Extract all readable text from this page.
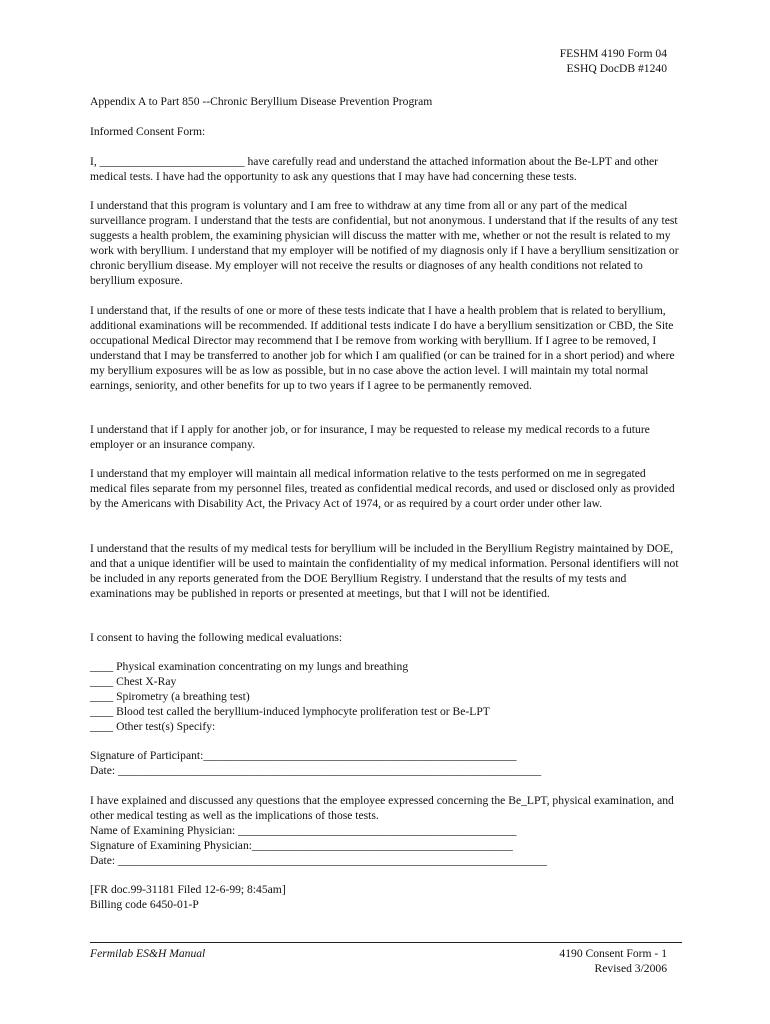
FESHM 4190 Form 04
ESHQ DocDB #1240

Appendix A to Part 850 --Chronic Beryllium Disease Prevention Program

Informed Consent Form:

I, _________________________ have carefully read and understand the attached information about the Be-LPT and other medical tests. I have had the opportunity to ask any questions that I may have had concerning these tests.

I understand that this program is voluntary and I am free to withdraw at any time from all or any part of the medical surveillance program. I understand that the tests are confidential, but not anonymous. I understand that if the results of any test suggests a health problem, the examining physician will discuss the matter with me, whether or not the result is related to my work with beryllium. I understand that my employer will be notified of my diagnosis only if I have a beryllium sensitization or chronic beryllium disease. My employer will not receive the results or diagnoses of any health conditions not related to beryllium exposure.

I understand that, if the results of one or more of these tests indicate that I have a health problem that is related to beryllium, additional examinations will be recommended. If additional tests indicate I do have a beryllium sensitization or CBD, the Site occupational Medical Director may recommend that I be remove from working with beryllium. If I agree to be removed, I understand that I may be transferred to another job for which I am qualified (or can be trained for in a short period) and where my beryllium exposures will be as low as possible, but in no case above the action level. I will maintain my total normal earnings, seniority, and other benefits for up to two years if I agree to be permanently removed.

I understand that if I apply for another job, or for insurance, I may be requested to release my medical records to a future employer or an insurance company.

I understand that my employer will maintain all medical information relative to the tests performed on me in segregated medical files separate from my personnel files, treated as confidential medical records, and used or disclosed only as provided by the Americans with Disability Act, the Privacy Act of 1974, or as required by a court order under other law.

I understand that the results of my medical tests for beryllium will be included in the Beryllium Registry maintained by DOE, and that a unique identifier will be used to maintain the confidentiality of my medical information. Personal identifiers will not be included in any reports generated from the DOE Beryllium Registry. I understand that the results of my tests and examinations may be published in reports or presented at meetings, but that I will not be identified.

I consent to having the following medical evaluations:

____ Physical examination concentrating on my lungs and breathing
____ Chest X-Ray
____ Spirometry (a breathing test)
____ Blood test called the beryllium-induced lymphocyte proliferation test or Be-LPT
____ Other test(s) Specify:
Signature of Participant:______________________________________________________
Date: _________________________________________________________________________

I have explained and discussed any questions that the employee expressed concerning the Be_LPT, physical examination, and other medical testing as well as the implications of those tests.

Name of Examining Physician: ________________________________________________
Signature of Examining Physician:_____________________________________________
Date: __________________________________________________________________________
[FR doc.99-31181 Filed 12-6-99; 8:45am]
Billing code 6450-01-P
Fermilab ES&H Manual	4190 Consent Form - 1
Revised 3/2006
